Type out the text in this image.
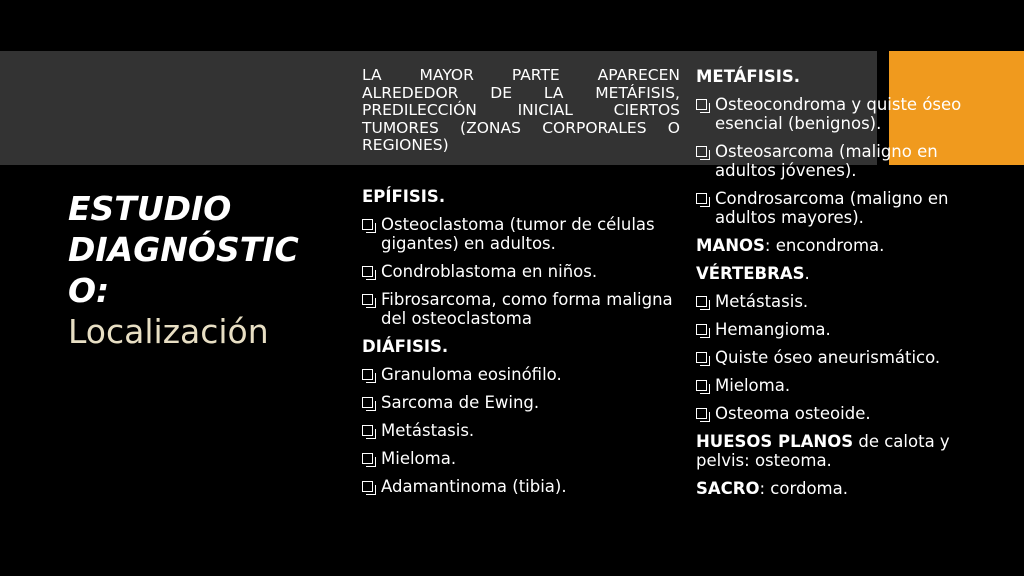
ESTUDIO
DIAGNÓSTIC
O:
Localización
LA MAYOR PARTE APARECEN ALREDEDOR DE LA METÁFISIS, PREDILECCIÓN INICIAL CIERTOS TUMORES (ZONAS CORPORALES O REGIONES)
EPÍFISIS.
Osteoclastoma (tumor de células gigantes) en adultos.
Condroblastoma en niños.
Fibrosarcoma, como forma maligna del osteoclastoma
DIÁFISIS.
Granuloma eosinófilo.
Sarcoma de Ewing.
Metástasis.
Mieloma.
Adamantinoma (tibia).
METÁFISIS.
Osteocondroma y quiste óseo esencial (benignos).
Osteosarcoma (maligno en adultos jóvenes).
Condrosarcoma (maligno en adultos mayores).
MANOS: encondroma.
VÉRTEBRAS.
Metástasis.
Hemangioma.
Quiste óseo aneurismático.
Mieloma.
Osteoma osteoide.
HUESOS PLANOS de calota y pelvis: osteoma.
SACRO: cordoma.
